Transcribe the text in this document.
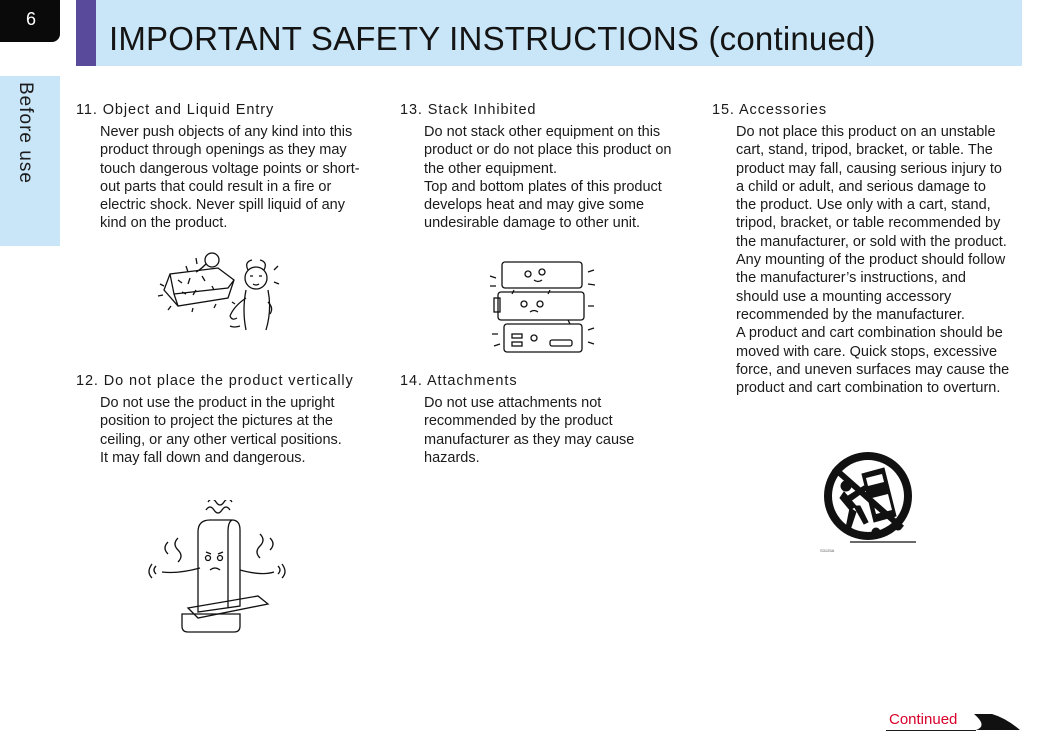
6
Before use
IMPORTANT SAFETY INSTRUCTIONS (continued)

11. Object and Liquid Entry

Never push objects of any kind into this
product through openings as they may
touch dangerous voltage points or short-
out parts that could result in a fire or
electric shock. Never spill liquid of any
kind on the product.

12. Do not place the product vertically

Do not use the product in the upright
position to project the pictures at the
ceiling, or any other vertical positions.
It may fall down and dangerous.

13. Stack Inhibited

Do not stack other equipment on this
product or do not place this product on
the other equipment.
Top and bottom plates of this product
develops heat and may give some
undesirable damage to other unit.

14. Attachments

Do not use attachments not
recommended by the product
manufacturer as they may cause
hazards.

15. Accessories

Do not place this product on an unstable
cart, stand, tripod, bracket, or table. The
product may fall, causing serious injury to
a child or adult, and serious damage to
the product. Use only with a cart, stand,
tripod, bracket, or table recommended by
the manufacturer, or sold with the product.
Any mounting of the product should follow
the manufacturer’s instructions, and
should use a mounting accessory
recommended by the manufacturer.
A product and cart combination should be
moved with care. Quick stops, excessive
force, and uneven surfaces may cause the
product and cart combination to overturn.
S3125A
Continued
